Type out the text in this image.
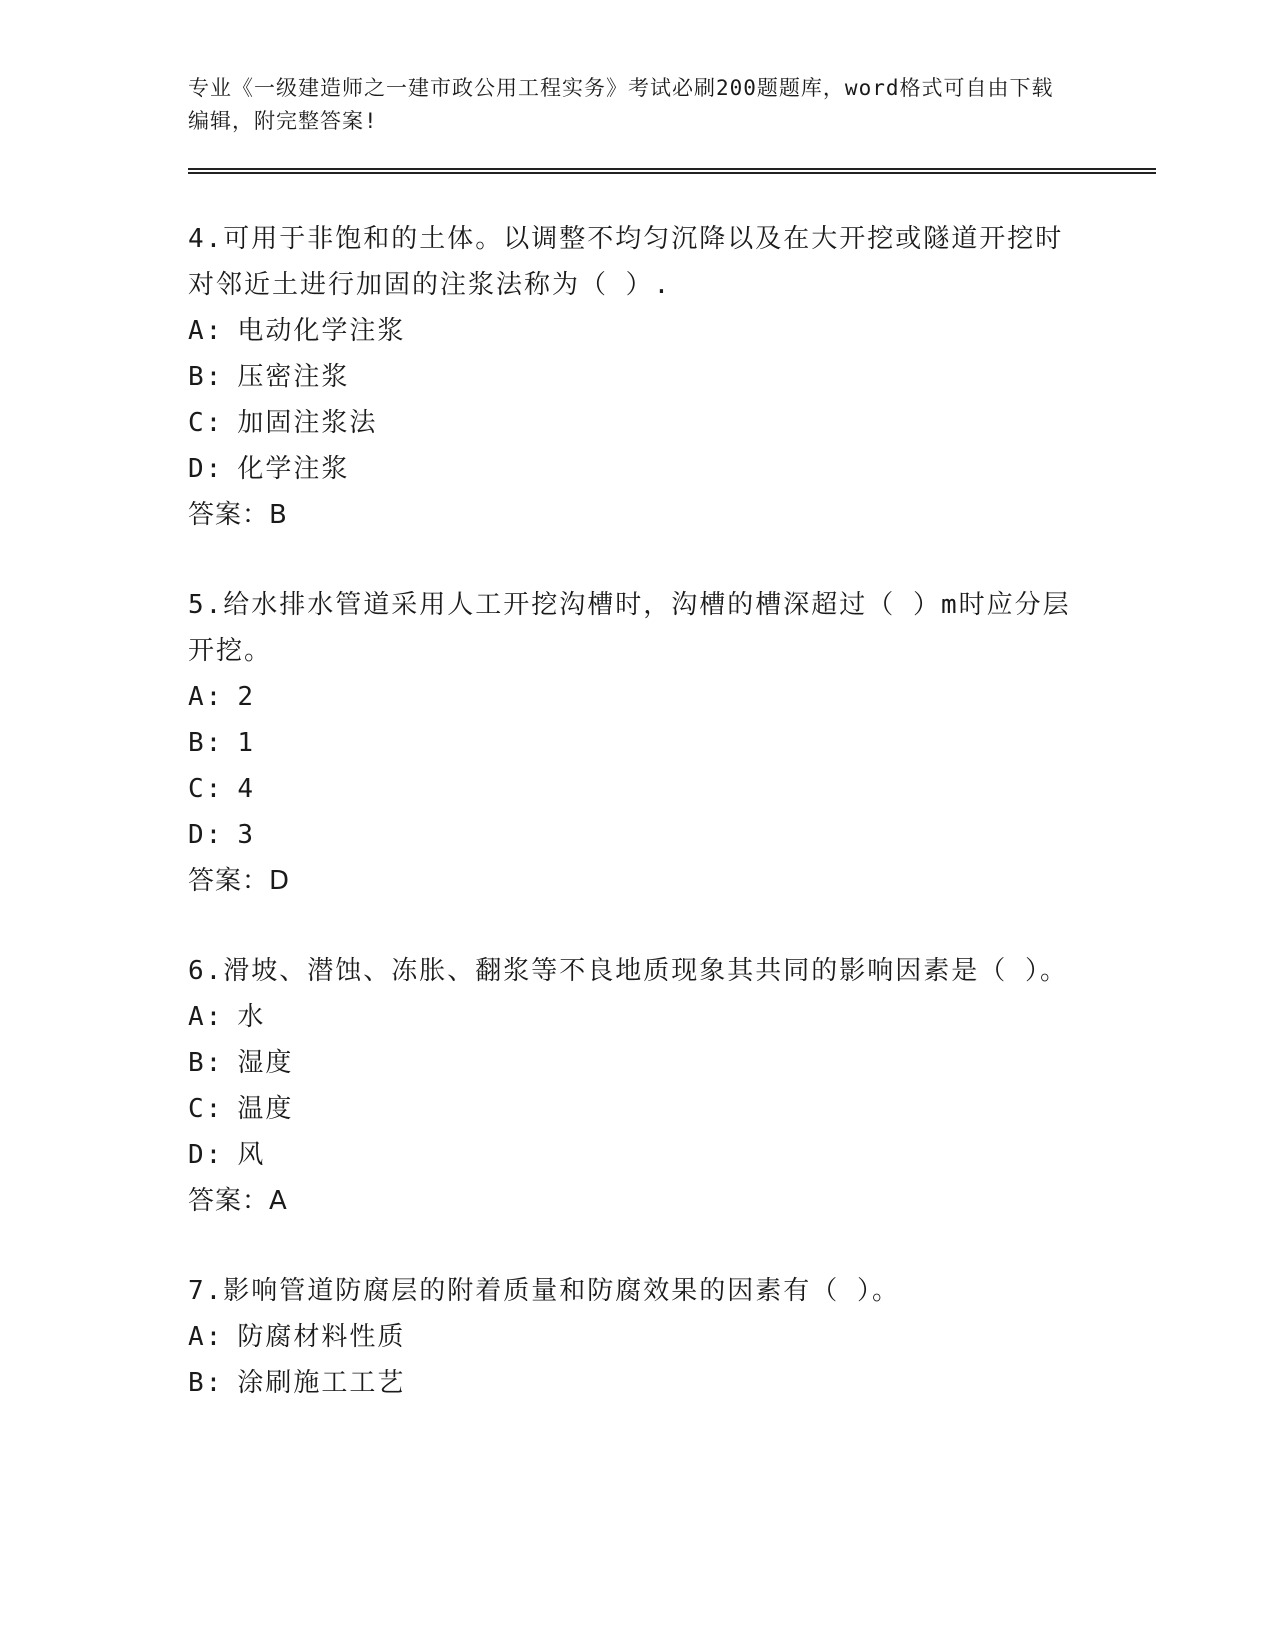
专业《一级建造师之一建市政公用工程实务》考试必刷200题题库，word格式可自由下载编辑，附完整答案!

4.可用于非饱和的土体。以调整不均匀沉降以及在大开挖或隧道开挖时对邻近土进行加固的注浆法称为（ ）.

A: 电动化学注浆

B: 压密注浆

C: 加固注浆法

D: 化学注浆

答案：B

5.给水排水管道采用人工开挖沟槽时，沟槽的槽深超过（ ）m时应分层开挖。

A: 2

B: 1

C: 4

D: 3

答案：D

6.滑坡、潜蚀、冻胀、翻浆等不良地质现象其共同的影响因素是（ ）。

A: 水

B: 湿度

C: 温度

D: 风

答案：A

7.影响管道防腐层的附着质量和防腐效果的因素有（ ）。

A: 防腐材料性质

B: 涂刷施工工艺
